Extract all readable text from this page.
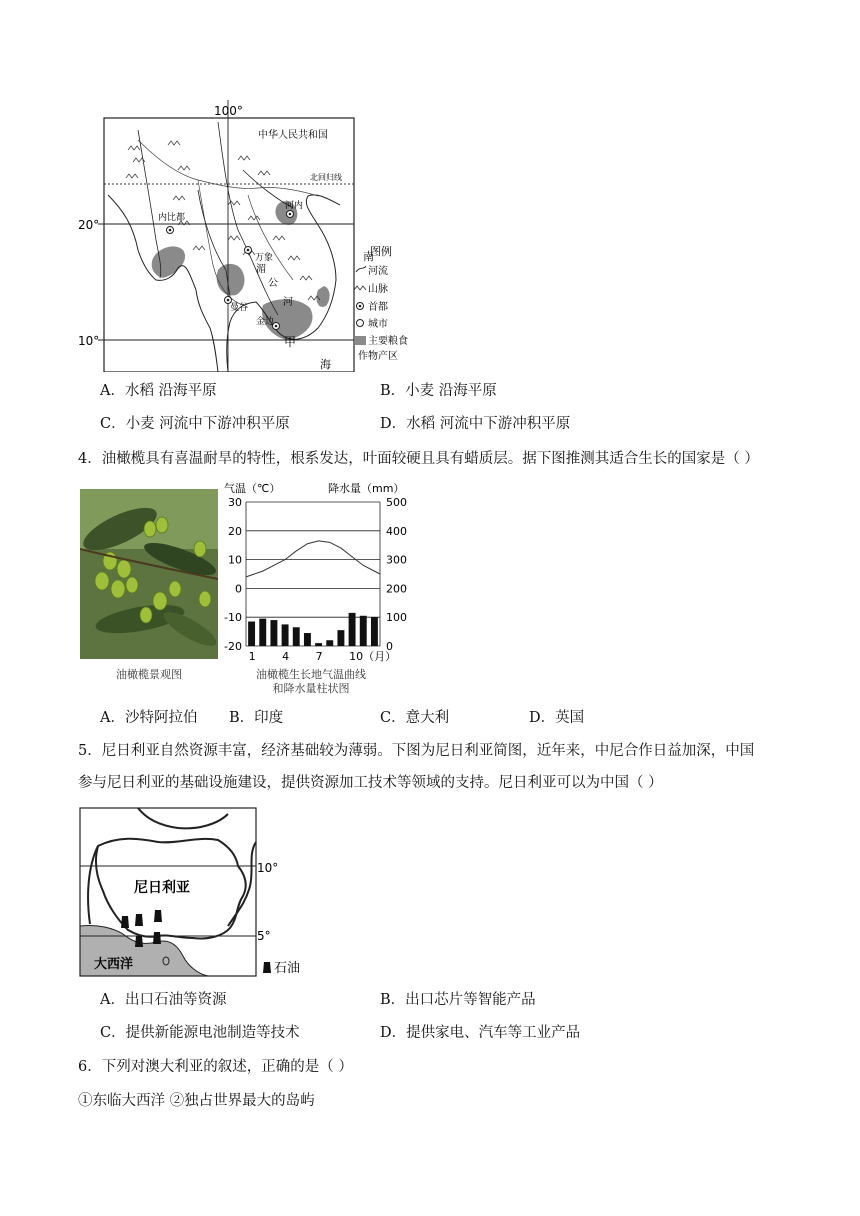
100°
20°
10°
中华人民共和国
北回归线
内比都
河内
万象
曼谷
金边
湄
公
河
甲
南
海
图例
河流
山脉
首都
城市
主要粮食
作物产区
A．水稻 沿海平原	B．小麦 沿海平原
C．小麦 河流中下游冲积平原	D．水稻 河流中下游冲积平原
4．油橄榄具有喜温耐旱的特性，根系发达，叶面较硬且具有蜡质层。据下图推测其适合生长的国家是（ ）
油橄榄景观图
气温（℃）	降水量（mm）
30
20
10
0
-10
-20
500
400
300
200
100
0
1 4 7 10（月）
油橄榄生长地气温曲线
和降水量柱状图
A．沙特阿拉伯 B．印度	C．意大利	D．英国
5．尼日利亚自然资源丰富，经济基础较为薄弱。下图为尼日利亚简图，近年来，中尼合作日益加深，中国
参与尼日利亚的基础设施建设，提供资源加工技术等领域的支持。尼日利亚可以为中国（ ）
尼日利亚
10°
5°
大西洋	石油
A．出口石油等资源	B．出口芯片等智能产品
C．提供新能源电池制造等技术	D．提供家电、汽车等工业产品
6．下列对澳大利亚的叙述，正确的是（ ）
①东临大西洋 ②独占世界最大的岛屿
